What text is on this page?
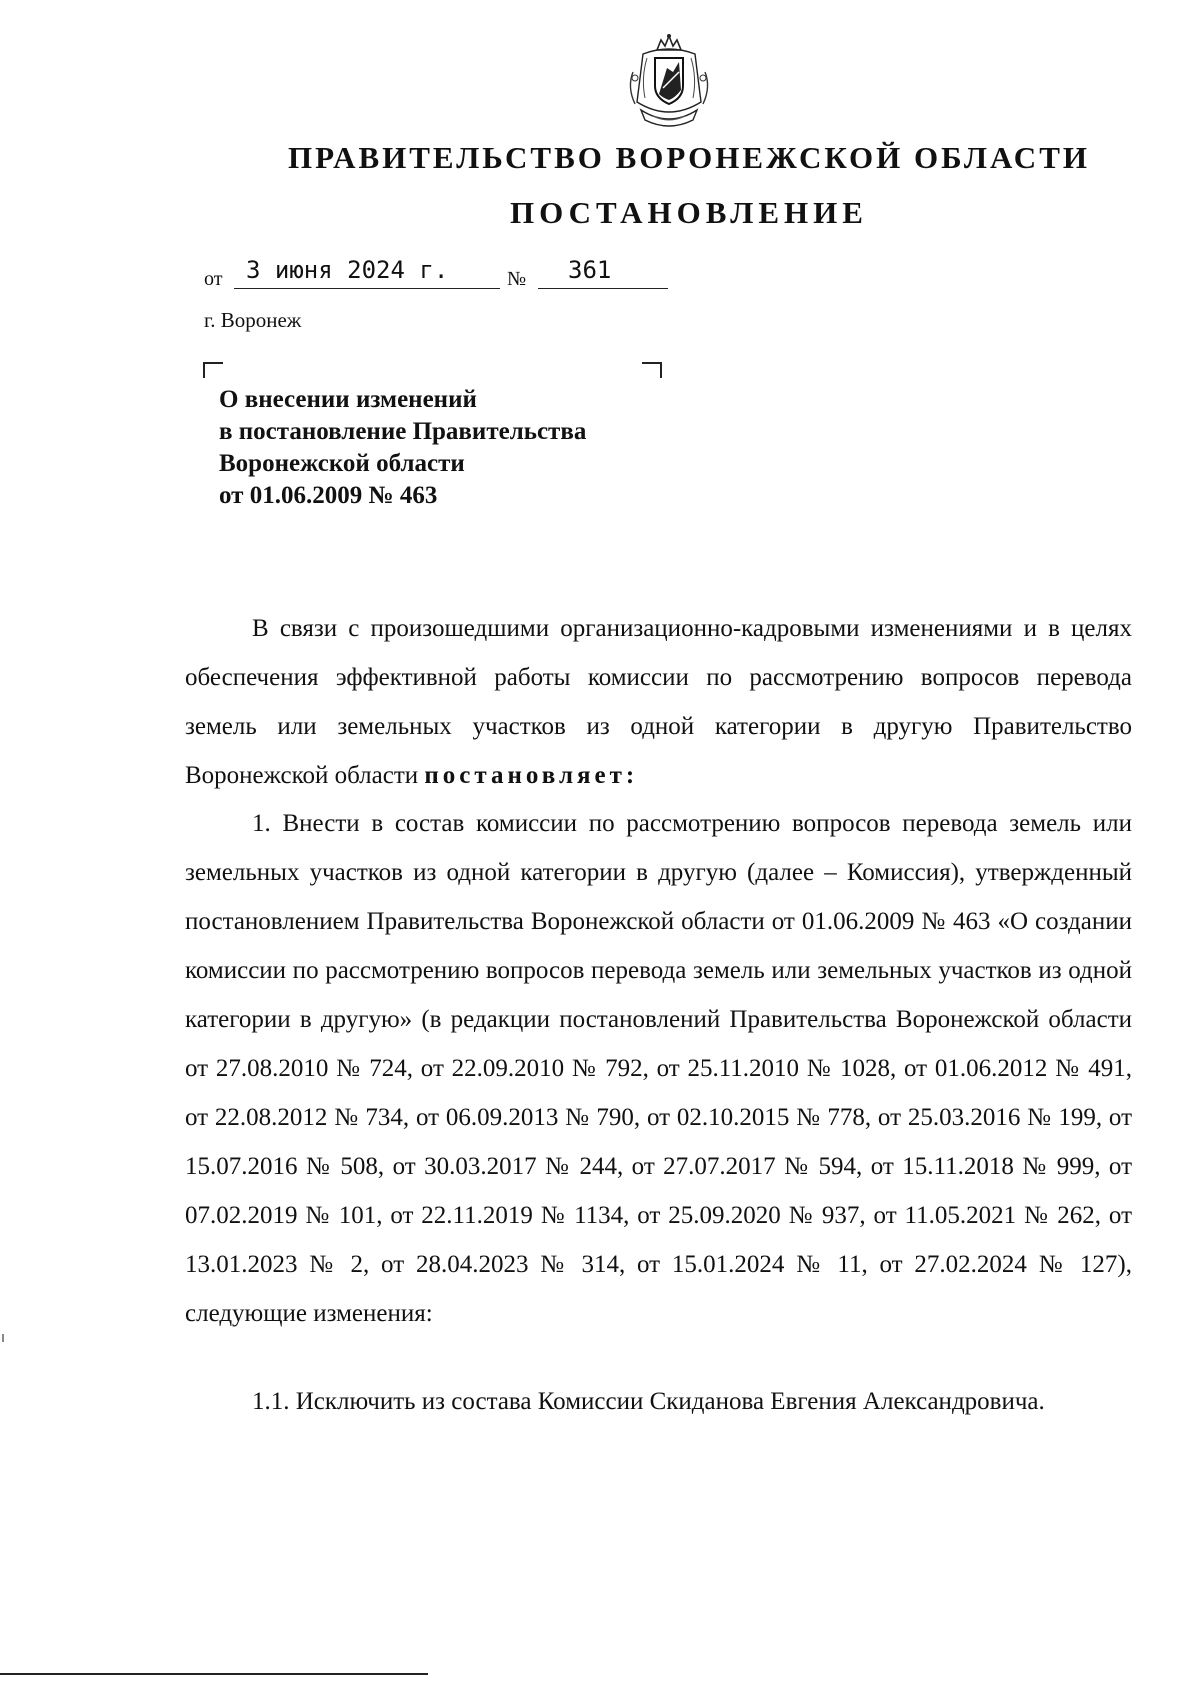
ПРАВИТЕЛЬСТВО ВОРОНЕЖСКОЙ ОБЛАСТИ
ПОСТАНОВЛЕНИЕ
от 3 июня 2024 г.	№ 361
г. Воронеж
О внесении изменений
в постановление Правительства
Воронежской области
от 01.06.2009 № 463
В связи с произошедшими организационно-кадровыми изменениями и в целях обеспечения эффективной работы комиссии по рассмотрению вопросов перевода земель или земельных участков из одной категории в другую Правительство Воронежской области постановляет:
1. Внести в состав комиссии по рассмотрению вопросов перевода земель или земельных участков из одной категории в другую (далее – Комиссия), утвержденный постановлением Правительства Воронежской области от 01.06.2009 № 463 «О создании комиссии по рассмотрению вопросов перевода земель или земельных участков из одной категории в другую» (в редакции постановлений Правительства Воронежской области от 27.08.2010 № 724, от 22.09.2010 № 792, от 25.11.2010 № 1028, от 01.06.2012 № 491, от 22.08.2012 № 734, от 06.09.2013 № 790, от 02.10.2015 № 778, от 25.03.2016 № 199, от 15.07.2016 № 508, от 30.03.2017 № 244, от 27.07.2017 № 594, от 15.11.2018 № 999, от 07.02.2019 № 101, от 22.11.2019 № 1134, от 25.09.2020 № 937, от 11.05.2021 № 262, от 13.01.2023 № 2, от 28.04.2023 № 314, от 15.01.2024 № 11, от 27.02.2024 № 127), следующие изменения:
1.1. Исключить из состава Комиссии Скиданова Евгения Александровича.
